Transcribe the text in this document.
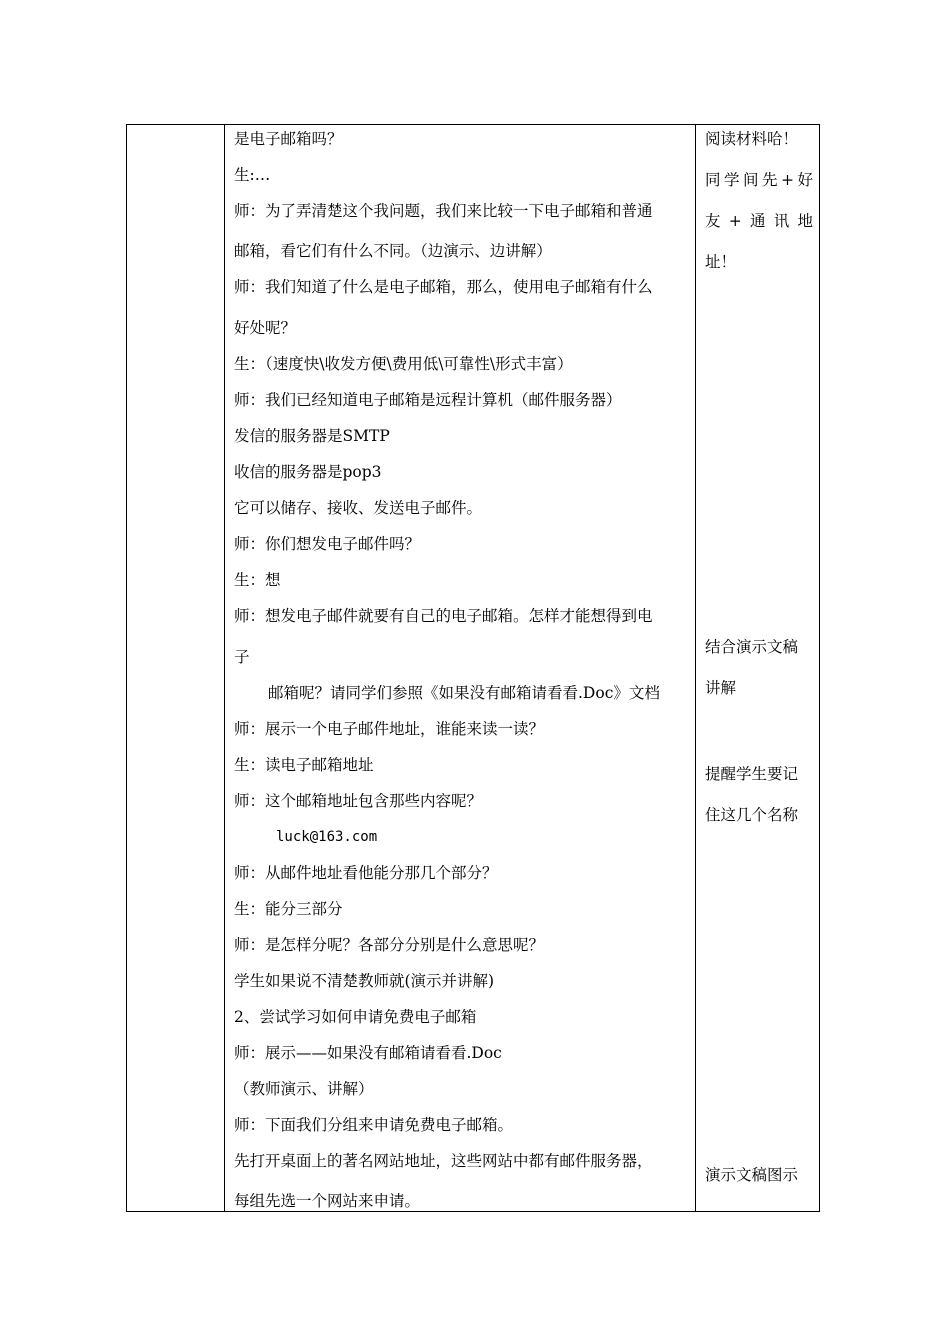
是电子邮箱吗？
生:…
师：为了弄清楚这个我问题，我们来比较一下电子邮箱和普通
邮箱，看它们有什么不同。（边演示、边讲解）
师：我们知道了什么是电子邮箱，那么，使用电子邮箱有什么
好处呢？
生：（速度快\收发方便\费用低\可靠性\形式丰富）
师：我们已经知道电子邮箱是远程计算机（邮件服务器）
发信的服务器是SMTP
收信的服务器是pop3
它可以储存、接收、发送电子邮件。
师：你们想发电子邮件吗？
生：想
师：想发电子邮件就要有自己的电子邮箱。怎样才能想得到电
子
邮箱呢？请同学们参照《如果没有邮箱请看看.Doc》文档
师：展示一个电子邮件地址，谁能来读一读？
生：读电子邮箱地址
师：这个邮箱地址包含那些内容呢？
luck@163.com
师：从邮件地址看他能分那几个部分？
生：能分三部分
师：是怎样分呢？各部分分别是什么意思呢？
学生如果说不清楚教师就(演示并讲解)
2、尝试学习如何申请免费电子邮箱
师：展示——如果没有邮箱请看看.Doc
（教师演示、讲解）
师：下面我们分组来申请免费电子邮箱。
先打开桌面上的著名网站地址，这些网站中都有邮件服务器，
每组先选一个网站来申请。
阅读材料哈！
同学间先+好
友+通讯地
址！
结合演示文稿
讲解
提醒学生要记
住这几个名称
演示文稿图示
